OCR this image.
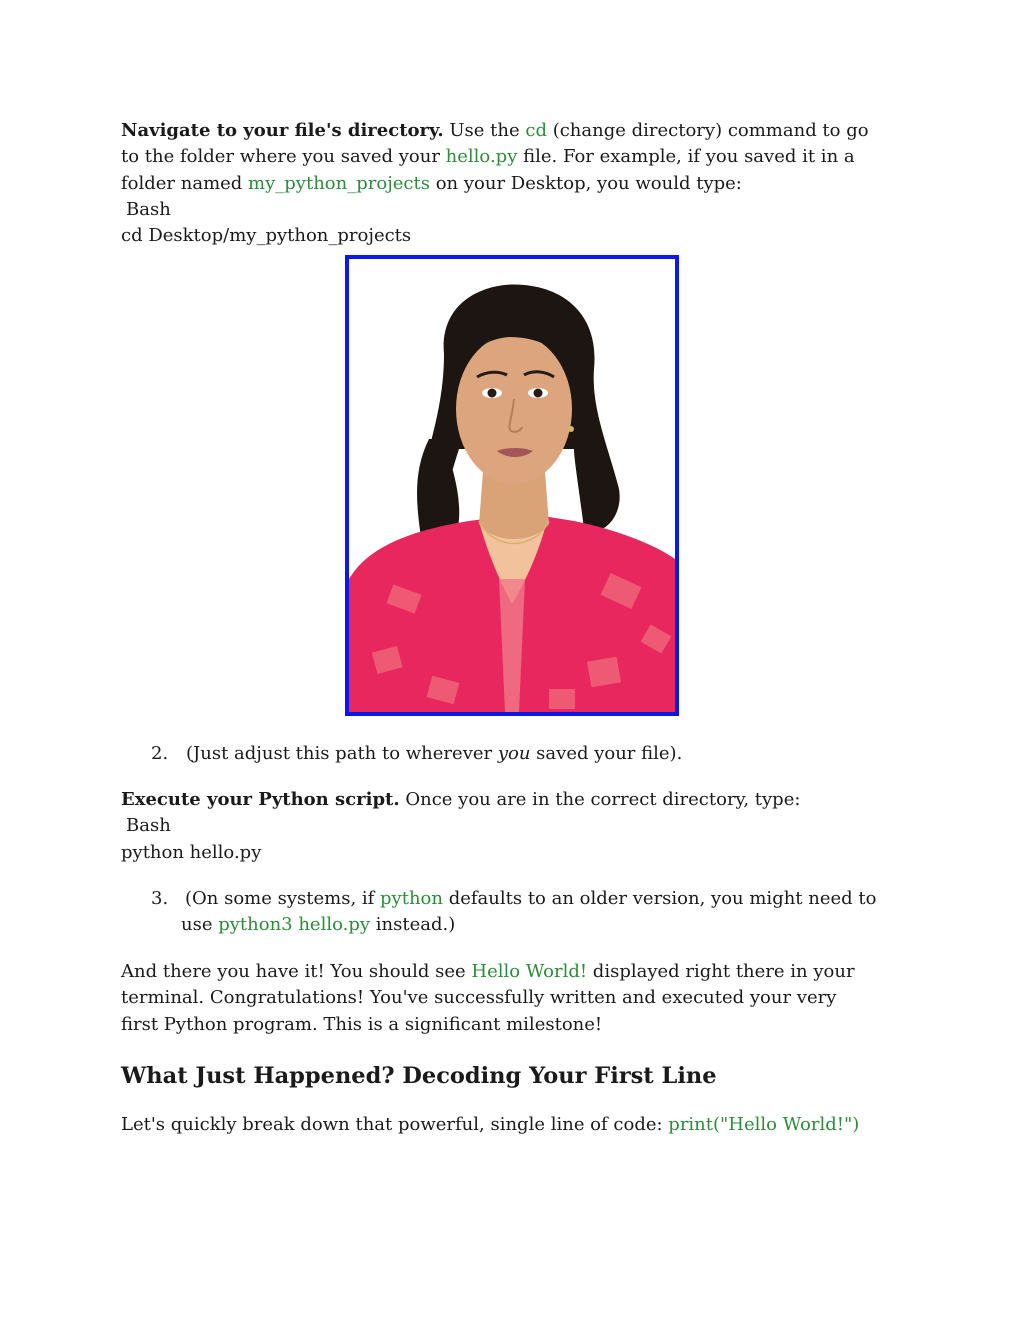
Navigate to your file's directory. Use the cd (change directory) command to go to the folder where you saved your hello.py file. For example, if you saved it in a folder named my_python_projects on your Desktop, you would type:

Bash

cd Desktop/my_python_projects

2. (Just adjust this path to wherever you saved your file).

Execute your Python script. Once you are in the correct directory, type:

Bash

python hello.py

3. (On some systems, if python defaults to an older version, you might need to use python3 hello.py instead.)

And there you have it! You should see Hello World! displayed right there in your terminal. Congratulations! You've successfully written and executed your very first Python program. This is a significant milestone!

What Just Happened? Decoding Your First Line

Let's quickly break down that powerful, single line of code: print("Hello World!")
